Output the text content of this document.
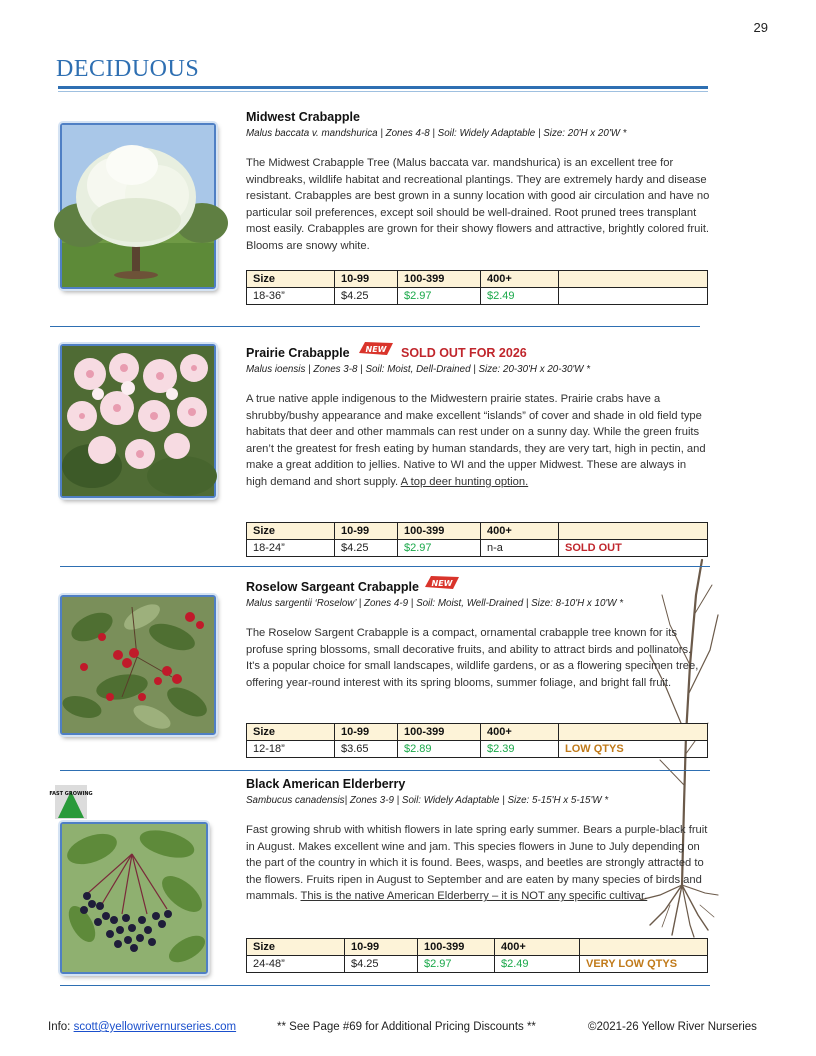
29
DECIDUOUS
Midwest Crabapple
Malus baccata v. mandshurica | Zones 4-8 | Soil: Widely Adaptable | Size: 20'H x 20'W *
The Midwest Crabapple Tree (Malus baccata var. mandshurica) is an excellent tree for windbreaks, wildlife habitat and recreational plantings. They are extremely hardy and disease resistant. Crabapples are best grown in a sunny location with good air circulation and have no particular soil preferences, except soil should be well-drained. Root pruned trees transplant most easily. Crabapples are grown for their showy flowers and attractive, brightly colored fruit. Blooms are snowy white.
Size	10-99	100-399	400+	
18-36”	$4.25	$2.97	$2.49	
Prairie Crabapple NEW SOLD OUT FOR 2026
Malus ioensis | Zones 3-8 | Soil: Moist, Dell-Drained | Size: 20-30'H x 20-30'W *
A true native apple indigenous to the Midwestern prairie states. Prairie crabs have a shrubby/bushy appearance and make excellent “islands” of cover and shade in old field type habitats that deer and other mammals can rest under on a sunny day. While the green fruits aren’t the greatest for fresh eating by human standards, they are very tart, high in pectin, and make a great addition to jellies. Native to WI and the upper Midwest. These are always in high demand and short supply. A top deer hunting option.
Size	10-99	100-399	400+	
18-24”	$4.25	$2.97	n-a	SOLD OUT
Roselow Sargeant Crabapple NEW
Malus sargentii ‘Roselow’ | Zones 4-9 | Soil: Moist, Well-Drained | Size: 8-10'H x 10'W *
The Roselow Sargent Crabapple is a compact, ornamental crabapple tree known for its profuse spring blossoms, small decorative fruits, and ability to attract birds and pollinators. It's a popular choice for small landscapes, wildlife gardens, or as a flowering specimen tree, offering year-round interest with its spring blooms, summer foliage, and bright fall fruit.
Size	10-99	100-399	400+	
12-18”	$3.65	$2.89	$2.39	LOW QTYS
FAST GROWING
Black American Elderberry
Sambucus canadensis| Zones 3-9 | Soil: Widely Adaptable | Size: 5-15'H x 5-15'W *
Fast growing shrub with whitish flowers in late spring early summer. Bears a purple-black fruit in August. Makes excellent wine and jam. This species flowers in June to July depending on the part of the country in which it is found. Bees, wasps, and beetles are strongly attracted to the flowers. Fruits ripen in August to September and are eaten by many species of birds and mammals. This is the native American Elderberry – it is NOT any specific cultivar.
Size	10-99	100-399	400+	
24-48”	$4.25	$2.97	$2.49	VERY LOW QTYS
Info: scott@yellowrivernurseries.com	** See Page #69 for Additional Pricing Discounts **	©2021-26 Yellow River Nurseries
